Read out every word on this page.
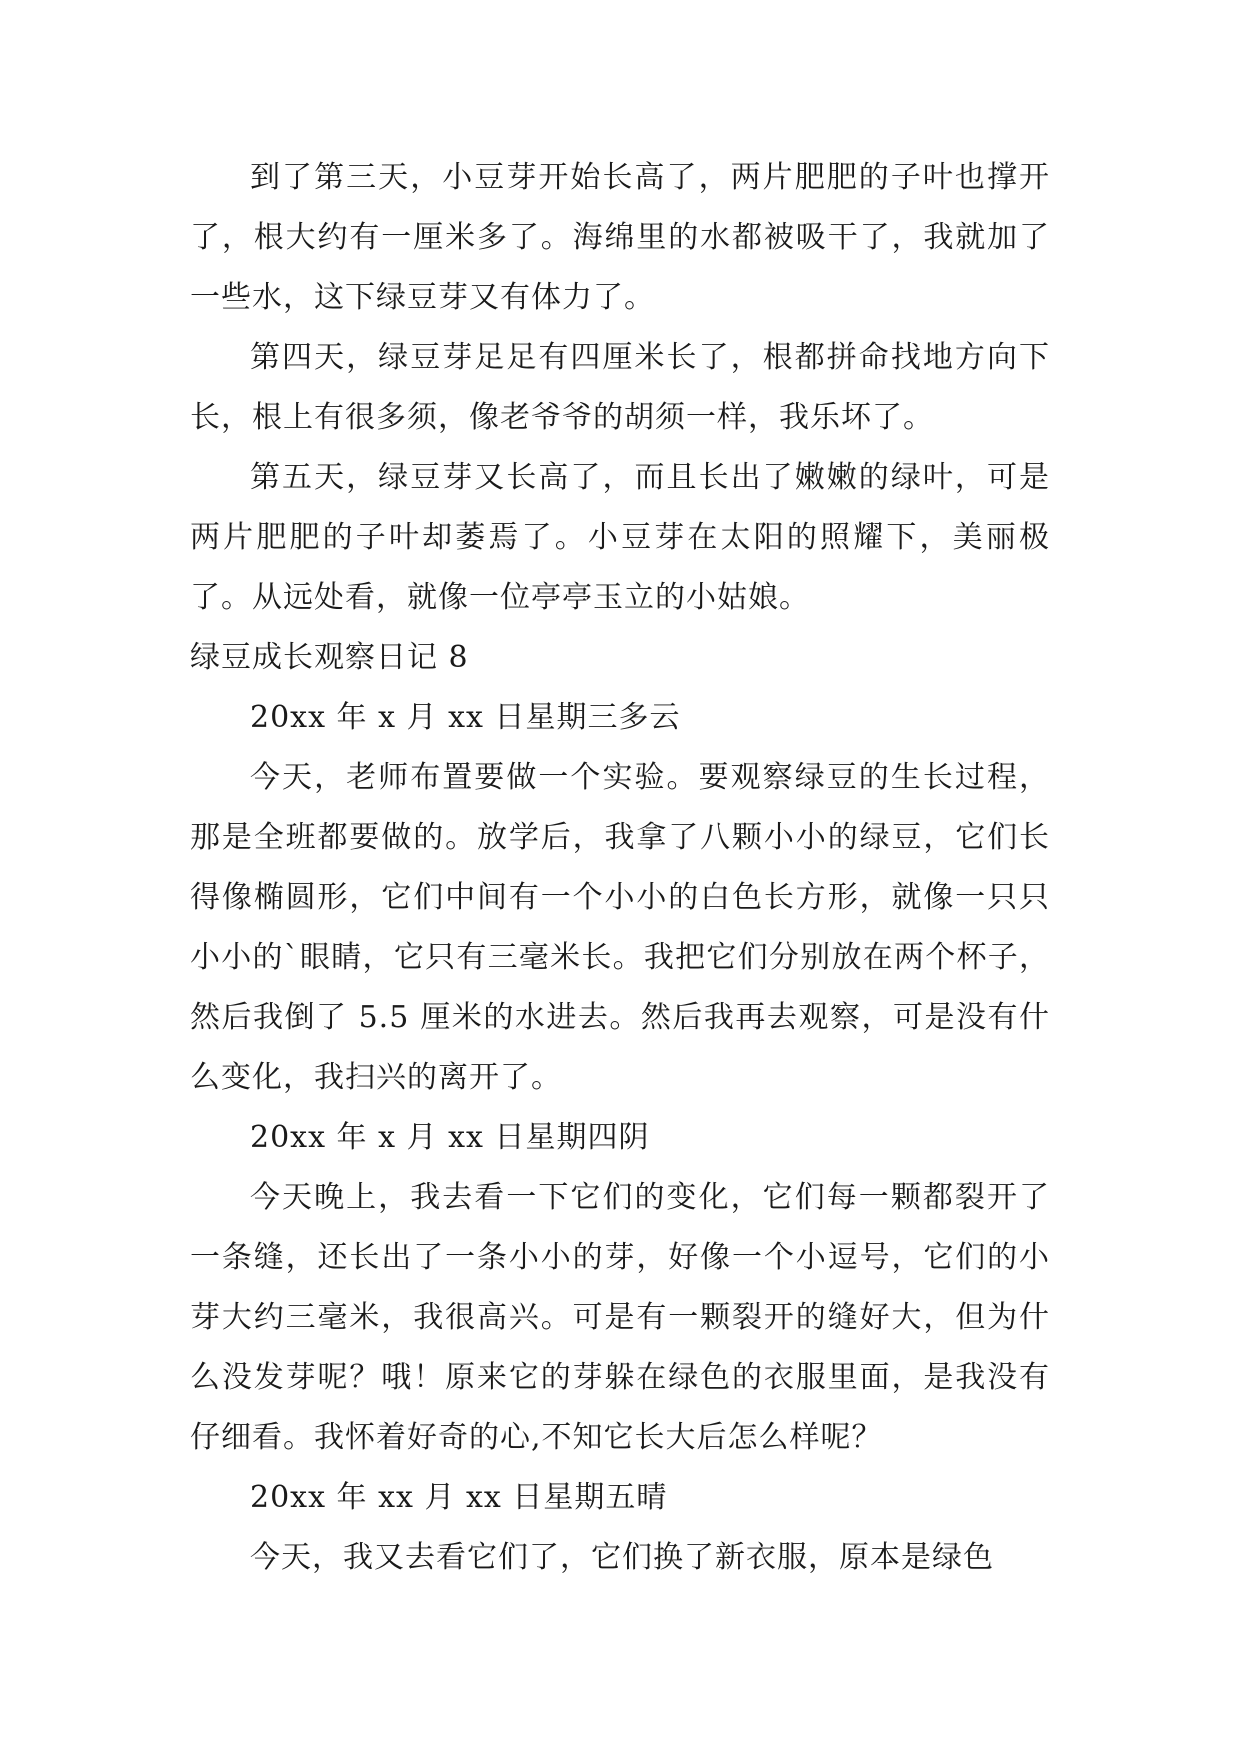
到了第三天，小豆芽开始长高了，两片肥肥的子叶也撑开了，根大约有一厘米多了。海绵里的水都被吸干了，我就加了一些水，这下绿豆芽又有体力了。

第四天，绿豆芽足足有四厘米长了，根都拼命找地方向下长，根上有很多须，像老爷爷的胡须一样，我乐坏了。

第五天，绿豆芽又长高了，而且长出了嫩嫩的绿叶，可是两片肥肥的子叶却萎焉了。小豆芽在太阳的照耀下，美丽极了。从远处看，就像一位亭亭玉立的小姑娘。

绿豆成长观察日记 8

20xx 年 x 月 xx 日星期三多云

今天，老师布置要做一个实验。要观察绿豆的生长过程，那是全班都要做的。放学后，我拿了八颗小小的绿豆，它们长得像椭圆形，它们中间有一个小小的白色长方形，就像一只只小小的`眼睛，它只有三毫米长。我把它们分别放在两个杯子，然后我倒了 5.5 厘米的水进去。然后我再去观察，可是没有什么变化，我扫兴的离开了。

20xx 年 x 月 xx 日星期四阴

今天晚上，我去看一下它们的变化，它们每一颗都裂开了一条缝，还长出了一条小小的芽，好像一个小逗号，它们的小芽大约三毫米，我很高兴。可是有一颗裂开的缝好大，但为什么没发芽呢？哦！原来它的芽躲在绿色的衣服里面，是我没有仔细看。我怀着好奇的心,不知它长大后怎么样呢？

20xx 年 xx 月 xx 日星期五晴

今天，我又去看它们了，它们换了新衣服，原本是绿色
